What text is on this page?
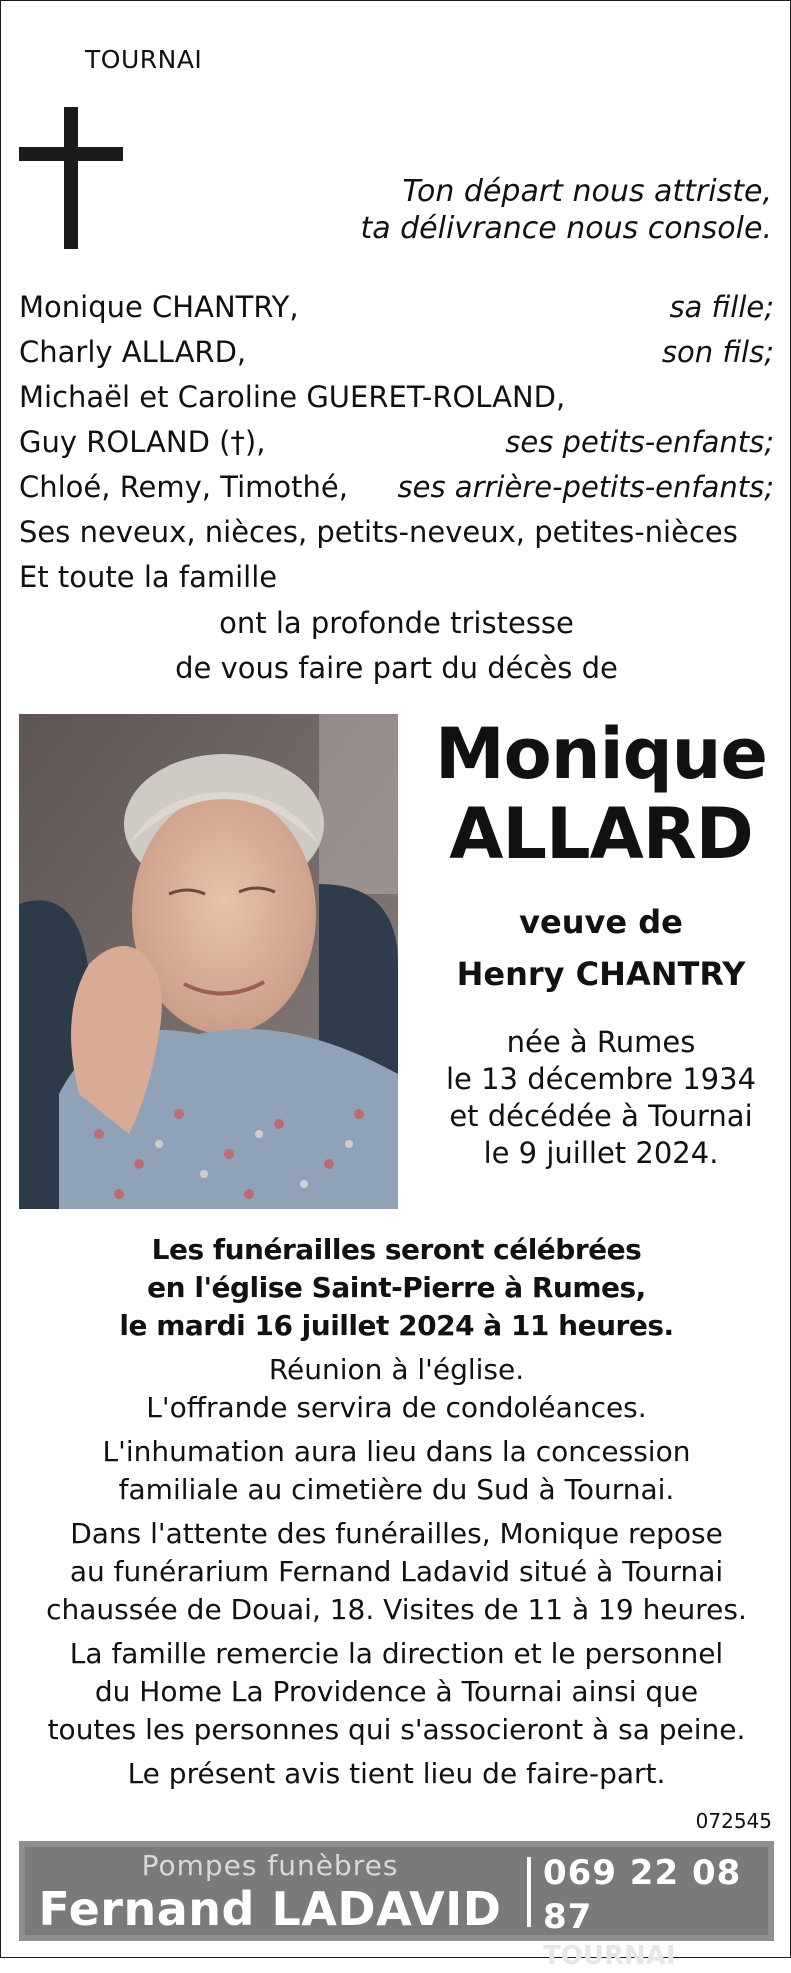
TOURNAI
Ton départ nous attriste,
ta délivrance nous console.
Monique CHANTRY,	sa fille;
Charly ALLARD,	son fils;
Michaël et Caroline GUERET-ROLAND,
Guy ROLAND (†),	ses petits-enfants;
Chloé, Remy, Timothé, ses arrière-petits-enfants;
Ses neveux, nièces, petits-neveux, petites-nièces
Et toute la famille
ont la profonde tristesse
de vous faire part du décès de
Monique
ALLARD
veuve de
Henry CHANTRY
née à Rumes
le 13 décembre 1934
et décédée à Tournai
le 9 juillet 2024.

Les funérailles seront célébrées
en l'église Saint-Pierre à Rumes,
le mardi 16 juillet 2024 à 11 heures.

Réunion à l'église.
L'offrande servira de condoléances.

L'inhumation aura lieu dans la concession
familiale au cimetière du Sud à Tournai.

Dans l'attente des funérailles, Monique repose
au funérarium Fernand Ladavid situé à Tournai
chaussée de Douai, 18. Visites de 11 à 19 heures.

La famille remercie la direction et le personnel
du Home La Providence à Tournai ainsi que
toutes les personnes qui s'associeront à sa peine.

Le présent avis tient lieu de faire-part.

072545
Pompes funèbres
Fernand LADAVID
069 22 08 87
TOURNAI
